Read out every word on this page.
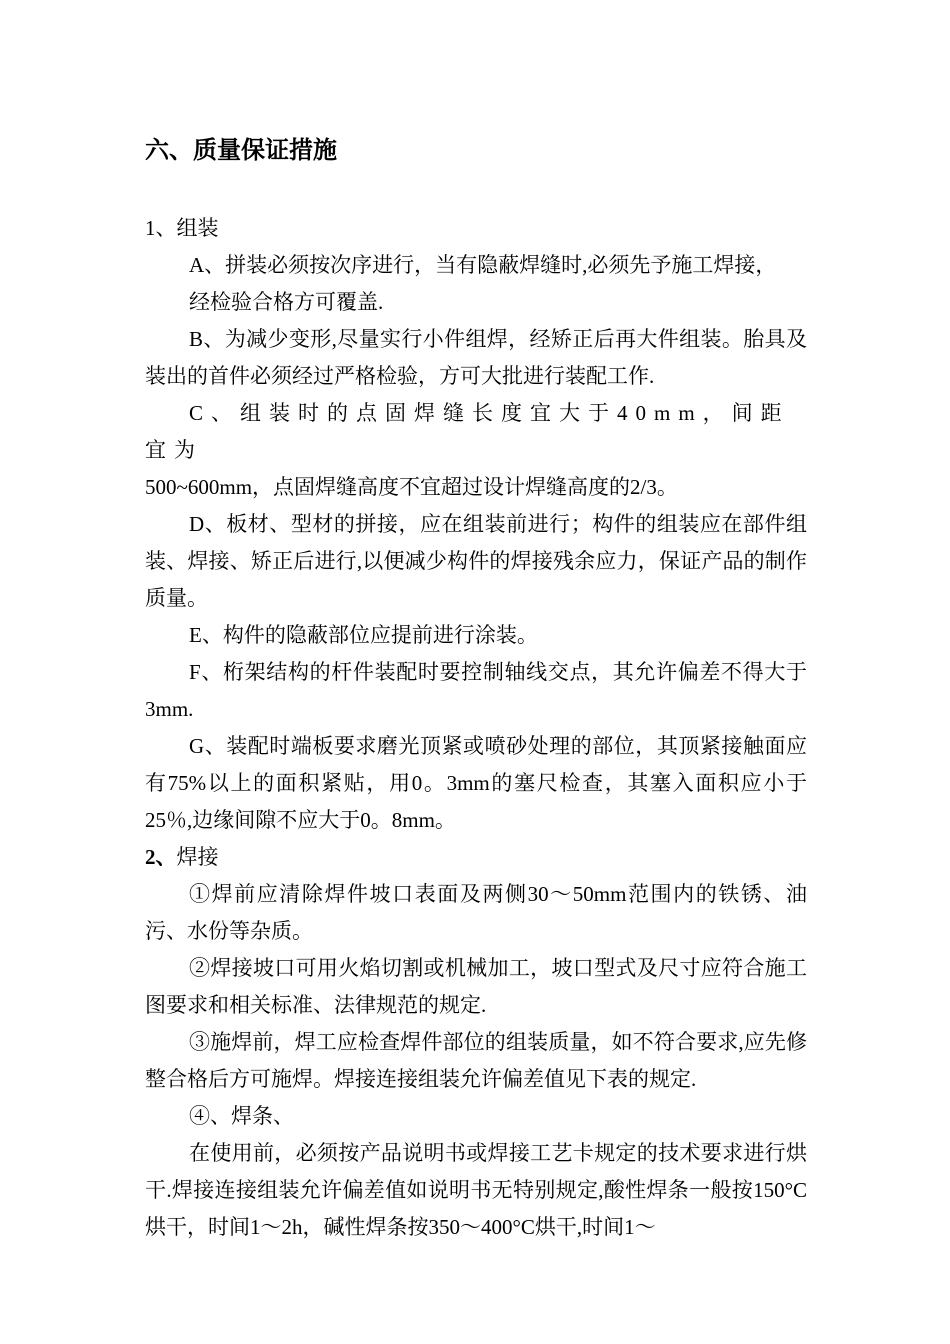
六、质量保证措施

1、组装

A、拼装必须按次序进行，当有隐蔽焊缝时,必须先予施工焊接，

经检验合格方可覆盖.

B、为减少变形,尽量实行小件组焊，经矫正后再大件组装。胎具及装出的首件必须经过严格检验，方可大批进行装配工作.

C、组装时的点固焊缝长度宜大于40mm，间距宜为

500~600mm，点固焊缝高度不宜超过设计焊缝高度的2/3。

D、板材、型材的拼接，应在组装前进行；构件的组装应在部件组装、焊接、矫正后进行,以便减少构件的焊接残余应力，保证产品的制作质量。

E、构件的隐蔽部位应提前进行涂装。

F、桁架结构的杆件装配时要控制轴线交点，其允许偏差不得大于3mm.

G、装配时端板要求磨光顶紧或喷砂处理的部位，其顶紧接触面应有75%以上的面积紧贴，用0。3mm的塞尺检查，其塞入面积应小于25％,边缘间隙不应大于0。8mm。

2、焊接

①焊前应清除焊件坡口表面及两侧30～50mm范围内的铁锈、油污、水份等杂质。

②焊接坡口可用火焰切割或机械加工，坡口型式及尺寸应符合施工图要求和相关标准、法律规范的规定.

③施焊前，焊工应检查焊件部位的组装质量，如不符合要求,应先修整合格后方可施焊。焊接连接组装允许偏差值见下表的规定.

④、焊条、

在使用前，必须按产品说明书或焊接工艺卡规定的技术要求进行烘干.焊接连接组装允许偏差值如说明书无特别规定,酸性焊条一般按150°C烘干，时间1～2h，碱性焊条按350～400°C烘干,时间1～
